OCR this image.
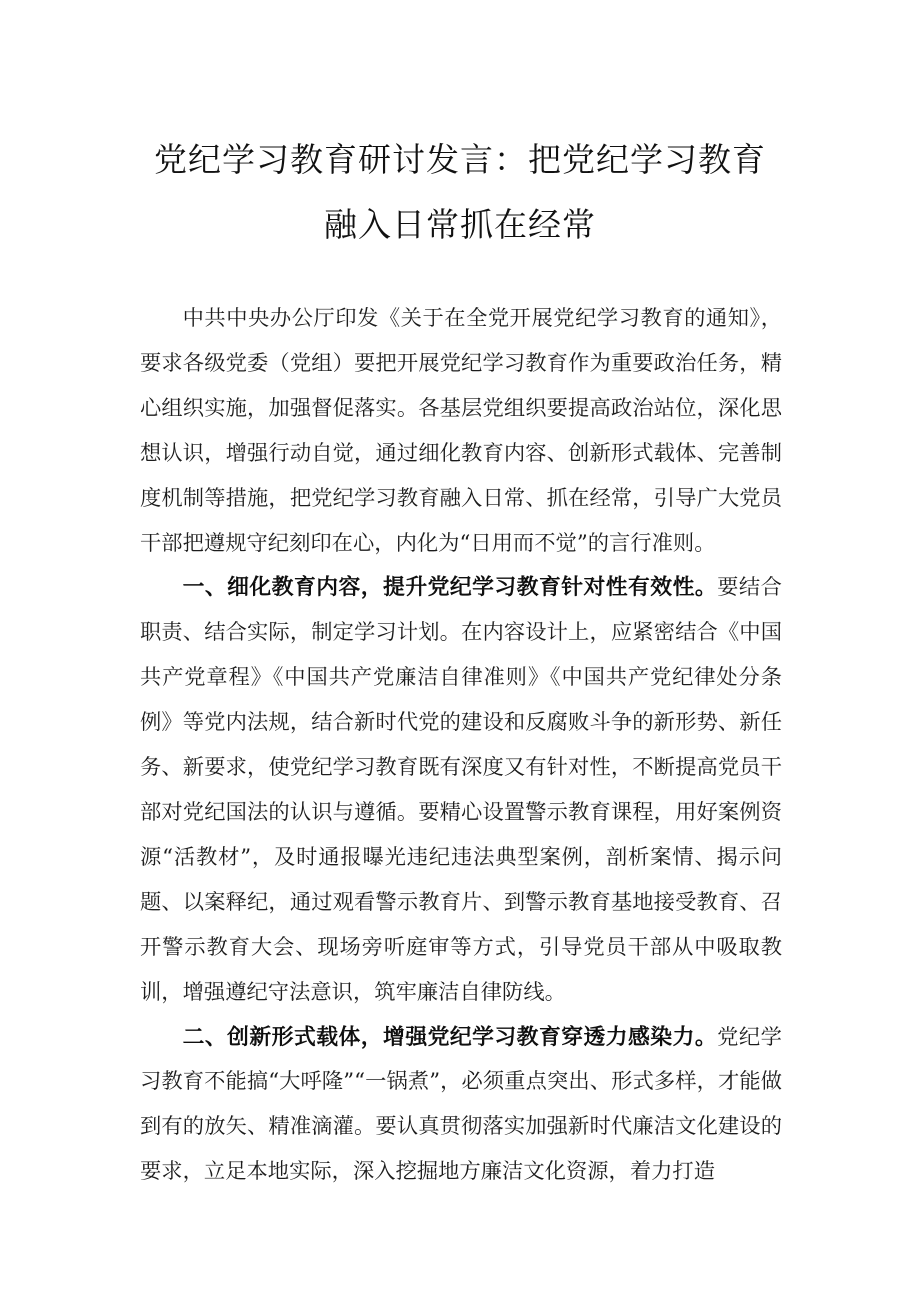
党纪学习教育研讨发言：把党纪学习教育
融入日常抓在经常

中共中央办公厅印发《关于在全党开展党纪学习教育的通知》，要求各级党委（党组）要把开展党纪学习教育作为重要政治任务，精心组织实施，加强督促落实。各基层党组织要提高政治站位，深化思想认识，增强行动自觉，通过细化教育内容、创新形式载体、完善制度机制等措施，把党纪学习教育融入日常、抓在经常，引导广大党员干部把遵规守纪刻印在心，内化为“日用而不觉”的言行准则。

一、细化教育内容，提升党纪学习教育针对性有效性。要结合职责、结合实际，制定学习计划。在内容设计上，应紧密结合《中国共产党章程》《中国共产党廉洁自律准则》《中国共产党纪律处分条例》等党内法规，结合新时代党的建设和反腐败斗争的新形势、新任务、新要求，使党纪学习教育既有深度又有针对性，不断提高党员干部对党纪国法的认识与遵循。要精心设置警示教育课程，用好案例资源“活教材”，及时通报曝光违纪违法典型案例，剖析案情、揭示问题、以案释纪，通过观看警示教育片、到警示教育基地接受教育、召开警示教育大会、现场旁听庭审等方式，引导党员干部从中吸取教训，增强遵纪守法意识，筑牢廉洁自律防线。

二、创新形式载体，增强党纪学习教育穿透力感染力。党纪学习教育不能搞“大呼隆”“一锅煮”，必须重点突出、形式多样，才能做到有的放矢、精准滴灌。要认真贯彻落实加强新时代廉洁文化建设的要求，立足本地实际，深入挖掘地方廉洁文化资源，着力打造
